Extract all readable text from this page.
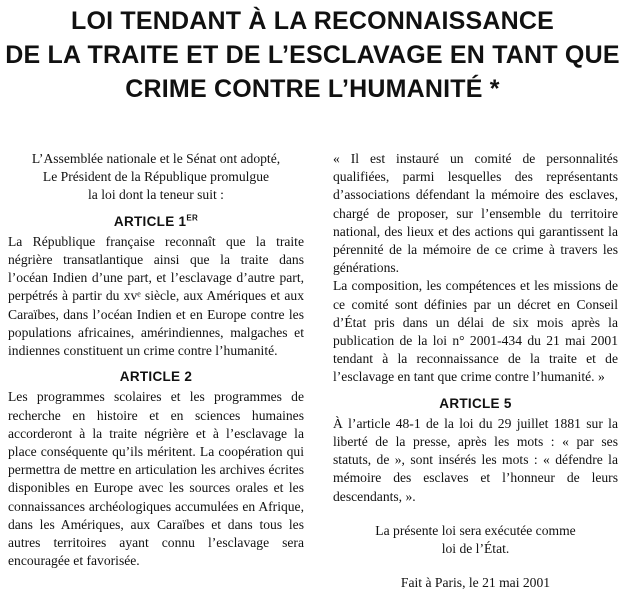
LOI TENDANT À LA RECONNAISSANCE
DE LA TRAITE ET DE L’ESCLAVAGE EN TANT QUE
CRIME CONTRE L’HUMANITÉ *

L’Assemblée nationale et le Sénat ont adopté,

Le Président de la République promulgue

la loi dont la teneur suit :

ARTICLE 1ER

La République française reconnaît que la traite négrière transatlantique ainsi que la traite dans l’océan Indien d’une part, et l’esclavage d’autre part, perpétrés à partir du xvᵉ siècle, aux Amériques et aux Caraïbes, dans l’océan Indien et en Europe contre les populations africaines, amérindiennes, malgaches et indiennes constituent un crime contre l’humanité.

ARTICLE 2

Les programmes scolaires et les programmes de recherche en histoire et en sciences humaines accorderont à la traite négrière et à l’esclavage la place conséquente qu’ils méritent. La coopération qui permettra de mettre en articulation les archives écrites disponibles en Europe avec les sources orales et les connaissances archéologiques accumulées en Afrique, dans les Amériques, aux Caraïbes et dans tous les autres territoires ayant connu l’esclavage sera encouragée et favorisée.

« Il est instauré un comité de personnalités qualifiées, parmi lesquelles des représentants d’associations défendant la mémoire des esclaves, chargé de proposer, sur l’ensemble du territoire national, des lieux et des actions qui garantissent la pérennité de la mémoire de ce crime à travers les générations.

La composition, les compétences et les missions de ce comité sont définies par un décret en Conseil d’État pris dans un délai de six mois après la publication de la loi n° 2001-434 du 21 mai 2001 tendant à la reconnaissance de la traite et de l’esclavage en tant que crime contre l’humanité. »

ARTICLE 5

À l’article 48-1 de la loi du 29 juillet 1881 sur la liberté de la presse, après les mots : « par ses statuts, de », sont insérés les mots : « défendre la mémoire des esclaves et l’honneur de leurs descendants, ».

La présente loi sera exécutée comme

loi de l’État.

Fait à Paris, le 21 mai 2001
